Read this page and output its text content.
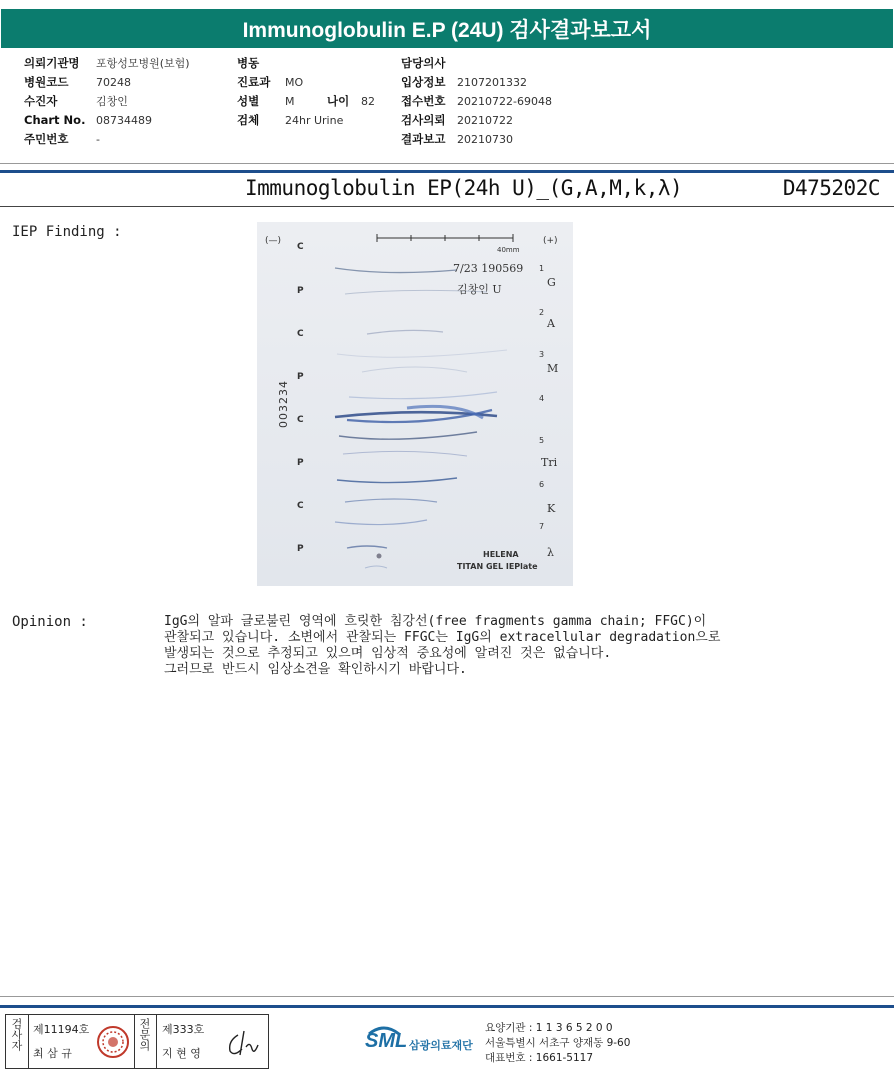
Immunoglobulin E.P (24U) 검사결과보고서
의뢰기관명 포항성모병원(보험)
병원코드	70248
수진자	김창인
Chart No. 08734489
주민번호	-
병동
진료과 MO
성별 M	나이 82
검체 24hr Urine
담당의사
입상정보 2107201332
접수번호 20210722-69048
검사의뢰 20210722
결과보고 20210730
Immunoglobulin EP(24h U)_(G,A,M,k,λ)	D475202C
IEP Finding :
(—)	(+)
40mm
7/23 190569
김창인 U
003234
C
P
C
P
C
P
C
P
1
2
3
4
5
6
7
G
A
M
Tri
K
λ
HELENA
TITAN GEL IEPlate
Opinion :	IgG의 알파 글로불린 영역에 흐릿한 침강선(free fragments gamma chain; FFGC)이
관찰되고 있습니다. 소변에서 관찰되는 FFGC는 IgG의 extracellular degradation으로
발생되는 것으로 추정되고 있으며 임상적 중요성에 알려진 것은 없습니다.
그러므로 반드시 임상소견을 확인하시기 바랍니다.
검사자 제11194호
최 삼 규
전문의 제333호
지 현 영
SML 삼광의료재단
요양기관 : 1 1 3 6 5 2 0 0
서울특별시 서초구 양재동 9-60
대표번호 : 1661-5117
